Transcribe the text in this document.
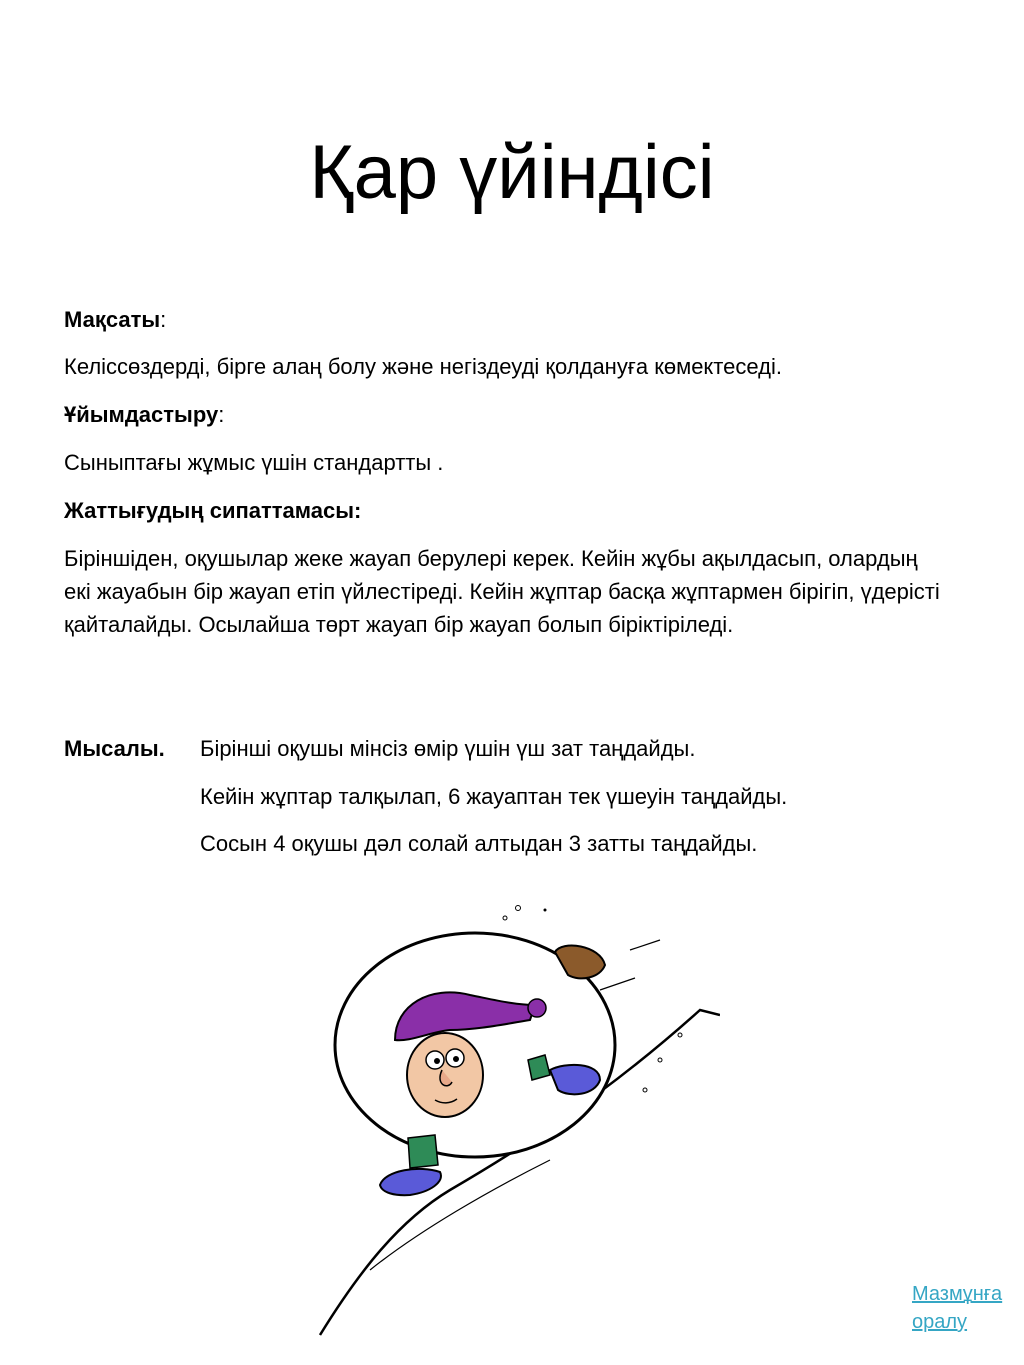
Қар үйіндісі
Мақсаты:
Келіссөздерді, бірге алаң болу және негіздеуді қолдануға көмектеседі.
Ұйымдастыру:
Сыныптағы жұмыс үшін стандартты .
Жаттығудың сипаттамасы:
Біріншіден, оқушылар жеке жауап берулері керек. Кейін жұбы ақылдасып, олардың екі жауабын бір жауап етіп үйлестіреді. Кейін жұптар басқа жұптармен бірігіп, үдерісті қайталайды. Осылайша төрт жауап бір жауап болып біріктіріледі.
Мысалы. Бірінші оқушы мінсіз өмір үшін үш зат таңдайды.
Кейін жұптар талқылап, 6 жауаптан тек үшеуін таңдайды.
Сосын 4 оқушы дәл солай алтыдан 3 затты таңдайды.
Мазмұнға
оралу
